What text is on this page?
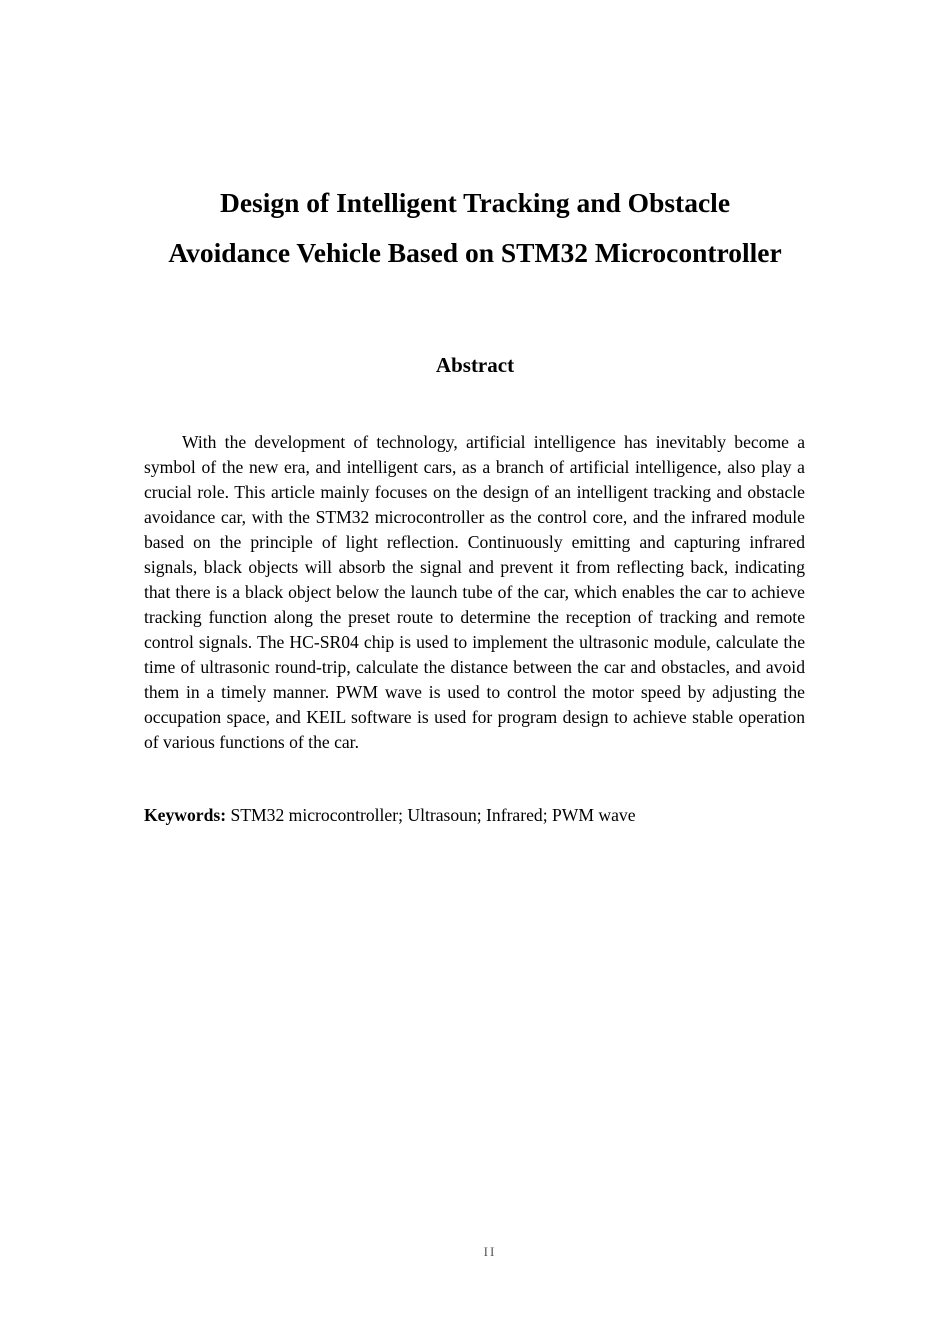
Design of Intelligent Tracking and Obstacle
Avoidance Vehicle Based on STM32 Microcontroller
Abstract

With the development of technology, artificial intelligence has inevitably become a symbol of the new era, and intelligent cars, as a branch of artificial intelligence, also play a crucial role. This article mainly focuses on the design of an intelligent tracking and obstacle avoidance car, with the STM32 microcontroller as the control core, and the infrared module based on the principle of light reflection. Continuously emitting and capturing infrared signals, black objects will absorb the signal and prevent it from reflecting back, indicating that there is a black object below the launch tube of the car, which enables the car to achieve tracking function along the preset route to determine the reception of tracking and remote control signals. The HC-SR04 chip is used to implement the ultrasonic module, calculate the time of ultrasonic round-trip, calculate the distance between the car and obstacles, and avoid them in a timely manner. PWM wave is used to control the motor speed by adjusting the occupation space, and KEIL software is used for program design to achieve stable operation of various functions of the car.

Keywords: STM32 microcontroller; Ultrasoun; Infrared; PWM wave

II
